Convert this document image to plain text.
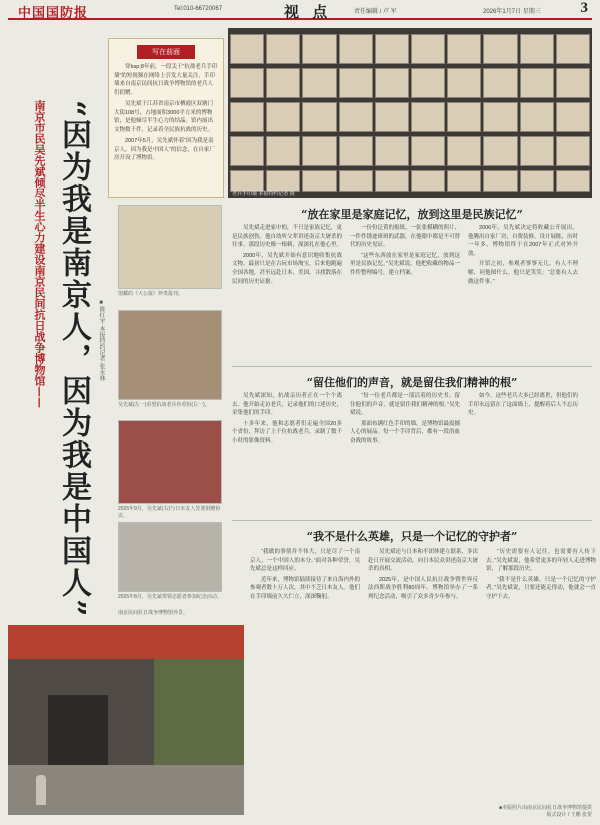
中国国防报	Tel:010-66720067	视 点	责任编辑 / 卢 军	2026年1月7日 星期三	3
南京市民吴先斌倾尽半生心力建设南京民间抗日战争博物馆—— “因为我是南京人，因为我是中国人”
写在前面

穿bsp;8年前，一段关于“抗战老兵手印墙”的短视频在网络上引发大量关注，手印墙来自南京民间抗日战争博物馆的老兵人们捐赠。

吴先斌于江苏省南京市栖霞区双塘门大街108号，占地面积3000平方米的博物馆，是他倾尽半生心力的结晶。馆内展出文物数千件，记录着全民族抗战的历史。

2007年5月，吴先斌怀着“因为我是南京人，因为我是中国人”的信念，在自家厂房开设了博物馆。

老兵手印墙 本报特约记者 摄
馆藏的《大公报》珍贵报刊。
吴先斌(左一)看望抗战老兵谷香恒(右一)。
2025年9月，吴先斌(右)与日本友人签署捐赠协议。
2025年8月，吴先斌带领志愿者参加纪念活动。
■陈红宇 本报特约记者 张永林
“放在家里是家庭记忆，放到这里是民族记忆”

吴先斌走进家中的，不只是家族记忆，更是民族创伤。他自幼听父辈讲述南京大屠杀的往事，那段历史像一根刺，深深扎在他心里。

2000年，吴先斌开始有意识地收集抗战文物。最初只是在古玩市场淘宝，后来他跑遍全国各地，甚至远赴日本、美国，寻找散落在民间的历史证据。

一份份泛黄的报纸、一张张模糊的照片、一件件锈迹斑斑的武器，在他眼中都是不可替代的历史见证。

“这些东西放在家里是家庭记忆，放到这里是民族记忆。”吴先斌说。他把收藏的物品一件件整理编号，建立档案。

2006年，吴先斌决定将收藏公开展出。他腾出自家厂房，自费装修，设计展陈，历时一年多，博物馆终于在2007年正式对外开放。

开馆之初，参观者寥寥无几。有人不理解，问他图什么。他只是笑笑：“总要有人去做这件事。”

“留住他们的声音，就是留住我们精神的根”

吴先斌深知，抗战亲历者正在一个个离去。他开始走访老兵，记录他们的口述历史，采集他们的手印。

十多年来，他和志愿者们走遍全国20多个省份，拜访了上千位抗战老兵，录制了数千小时的影像资料。

“每一位老兵都是一部活着的历史书。留住他们的声音，就是留住我们精神的根。”吴先斌说。

那面布满红色手印的墙，是博物馆最震撼人心的展品。每一个手印背后，都有一段浴血奋战的故事。

如今，这些老兵大多已经离世，但他们的手印永远留在了这面墙上，提醒着后人不忘历史。

“我不是什么英雄，只是一个记忆的守护者”

“我做的事情并不伟大，只是尽了一个南京人、一个中国人的本分。”面对各种荣誉，吴先斌总是这样回应。

近年来，博物馆陆续接待了来自海内外的参观者数十万人次，其中不乏日本友人。他们在手印墙前久久伫立，深深鞠躬。

吴先斌还与日本和平团体建立联系，多次赴日开展交流活动，向日本民众讲述南京大屠杀的真相。

2025年，是中国人民抗日战争暨世界反法西斯战争胜利80周年。博物馆举办了一系列纪念活动，吸引了众多青少年参与。

“历史需要有人记住，也需要有人传下去。”吴先斌说，他希望更多的年轻人走进博物馆，了解那段历史。

“我不是什么英雄，只是一个记忆的守护者。”吴先斌说，只要还能走得动，他就会一直守护下去。

南京民间抗日战争博物馆外景。
■本版照片由南京民间抗日战争博物馆提供
版式设计 / 王鹏 张贺
